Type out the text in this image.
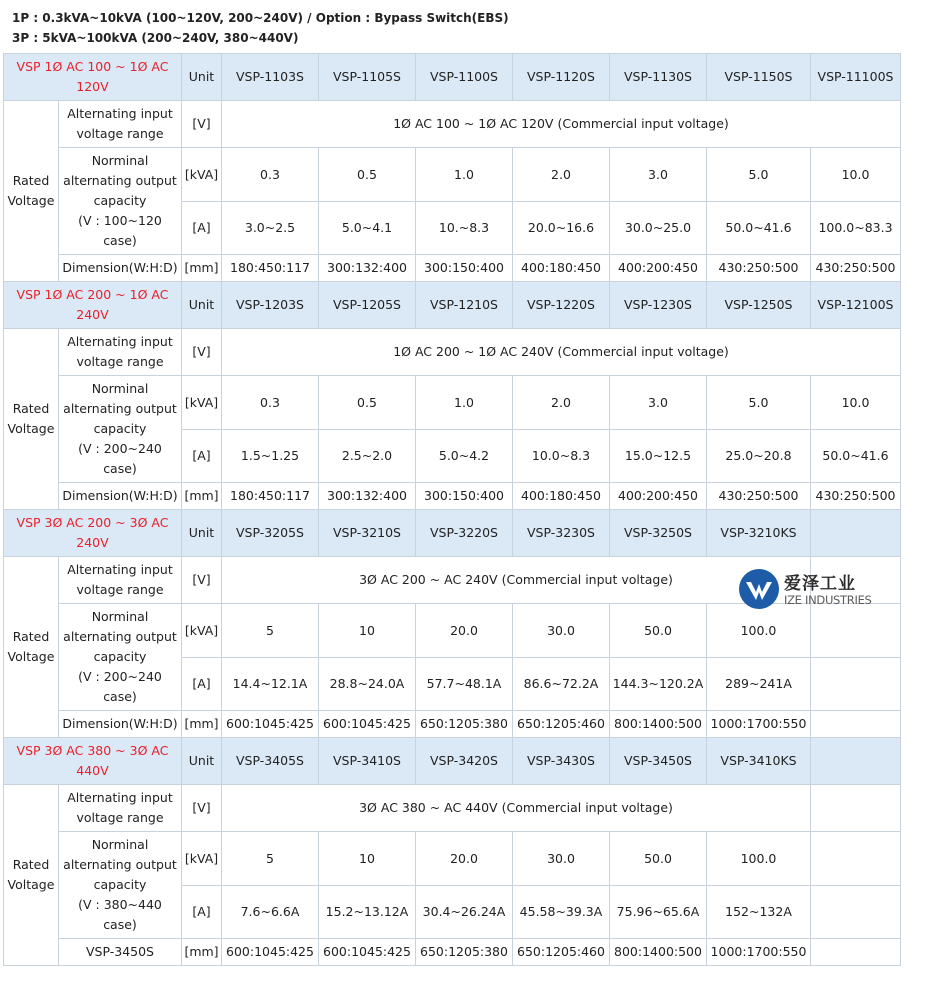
1P : 0.3kVA~10kVA (100~120V, 200~240V) / Option : Bypass Switch(EBS)
3P : 5kVA~100kVA (200~240V, 380~440V)
VSP 1Ø AC 100 ~ 1Ø AC 120V		Unit	VSP-1103S	VSP-1105S	VSP-1100S	VSP-1120S	VSP-1130S	VSP-1150S	VSP-11100S
Rated Voltage	Alternating input voltage range	[V]	1Ø AC 100 ~ 1Ø AC 120V (Commercial input voltage)						

	Norminal alternating output capacity
(V : 100~120 case)	[kVA]	0.3	0.5	1.0	2.0	3.0	5.0	10.0
		[A]	3.0~2.5	5.0~4.1	10.~8.3	20.0~16.6	30.0~25.0	50.0~41.6	100.0~83.3
	Dimension(W:H:D)	[mm]	180:450:117	300:132:400	300:150:400	400:180:450	400:200:450	430:250:500	430:250:500
VSP 1Ø AC 200 ~ 1Ø AC 240V		Unit	VSP-1203S	VSP-1205S	VSP-1210S	VSP-1220S	VSP-1230S	VSP-1250S	VSP-12100S
Rated Voltage	Alternating input voltage range	[V]	1Ø AC 200 ~ 1Ø AC 240V (Commercial input voltage)						

	Norminal alternating output capacity
(V : 200~240 case)	[kVA]	0.3	0.5	1.0	2.0	3.0	5.0	10.0
		[A]	1.5~1.25	2.5~2.0	5.0~4.2	10.0~8.3	15.0~12.5	25.0~20.8	50.0~41.6
	Dimension(W:H:D)	[mm]	180:450:117	300:132:400	300:150:400	400:180:450	400:200:450	430:250:500	430:250:500
VSP 3Ø AC 200 ~ 3Ø AC 240V		Unit	VSP-3205S	VSP-3210S	VSP-3220S	VSP-3230S	VSP-3250S	VSP-3210KS	
Rated Voltage	Alternating input voltage range	[V]	3Ø AC 200 ~ AC 240V (Commercial input voltage)						

	Norminal alternating output capacity
(V : 200~240 case)	[kVA]	5	10	20.0	30.0	50.0	100.0	
		[A]	14.4~12.1A	28.8~24.0A	57.7~48.1A	86.6~72.2A	144.3~120.2A	289~241A	
	Dimension(W:H:D)	[mm]	600:1045:425	600:1045:425	650:1205:380	650:1205:460	800:1400:500	1000:1700:550	
VSP 3Ø AC 380 ~ 3Ø AC 440V		Unit	VSP-3405S	VSP-3410S	VSP-3420S	VSP-3430S	VSP-3450S	VSP-3410KS	
Rated Voltage	Alternating input voltage range	[V]	3Ø AC 380 ~ AC 440V (Commercial input voltage)						

	Norminal alternating output capacity
(V : 380~440 case)	[kVA]	5	10	20.0	30.0	50.0	100.0	
		[A]	7.6~6.6A	15.2~13.12A	30.4~26.24A	45.58~39.3A	75.96~65.6A	152~132A	
	VSP-3450S	[mm]	600:1045:425	600:1045:425	650:1205:380	650:1205:460	800:1400:500	1000:1700:550	
爱泽工业
IZE INDUSTRIES
